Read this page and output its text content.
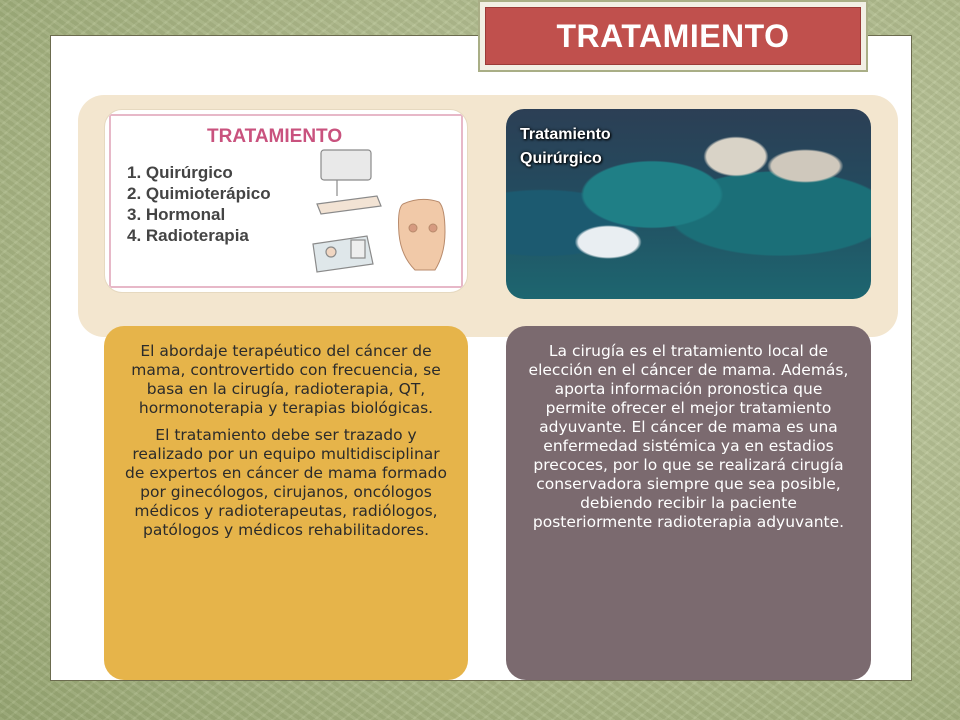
TRATAMIENTO
TRATAMIENTO
1. Quirúrgico
2. Quimioterápico
3. Hormonal
4. Radioterapia
Tratamiento
Quirúrgico

El abordaje terapéutico del cáncer de mama, controvertido con frecuencia, se basa en la cirugía, radioterapia, QT, hormonoterapia y terapias biológicas.

El tratamiento debe ser trazado y realizado por un equipo multidisciplinar de expertos en cáncer de mama formado por ginecólogos, cirujanos, oncólogos médicos y radioterapeutas, radiólogos, patólogos y médicos rehabilitadores.

La cirugía es el tratamiento local de elección en el cáncer de mama. Además, aporta información pronostica que permite ofrecer el mejor tratamiento adyuvante. El cáncer de mama es una enfermedad sistémica ya en estadios precoces, por lo que se realizará cirugía conservadora siempre que sea posible, debiendo recibir la paciente posteriormente radioterapia adyuvante.
